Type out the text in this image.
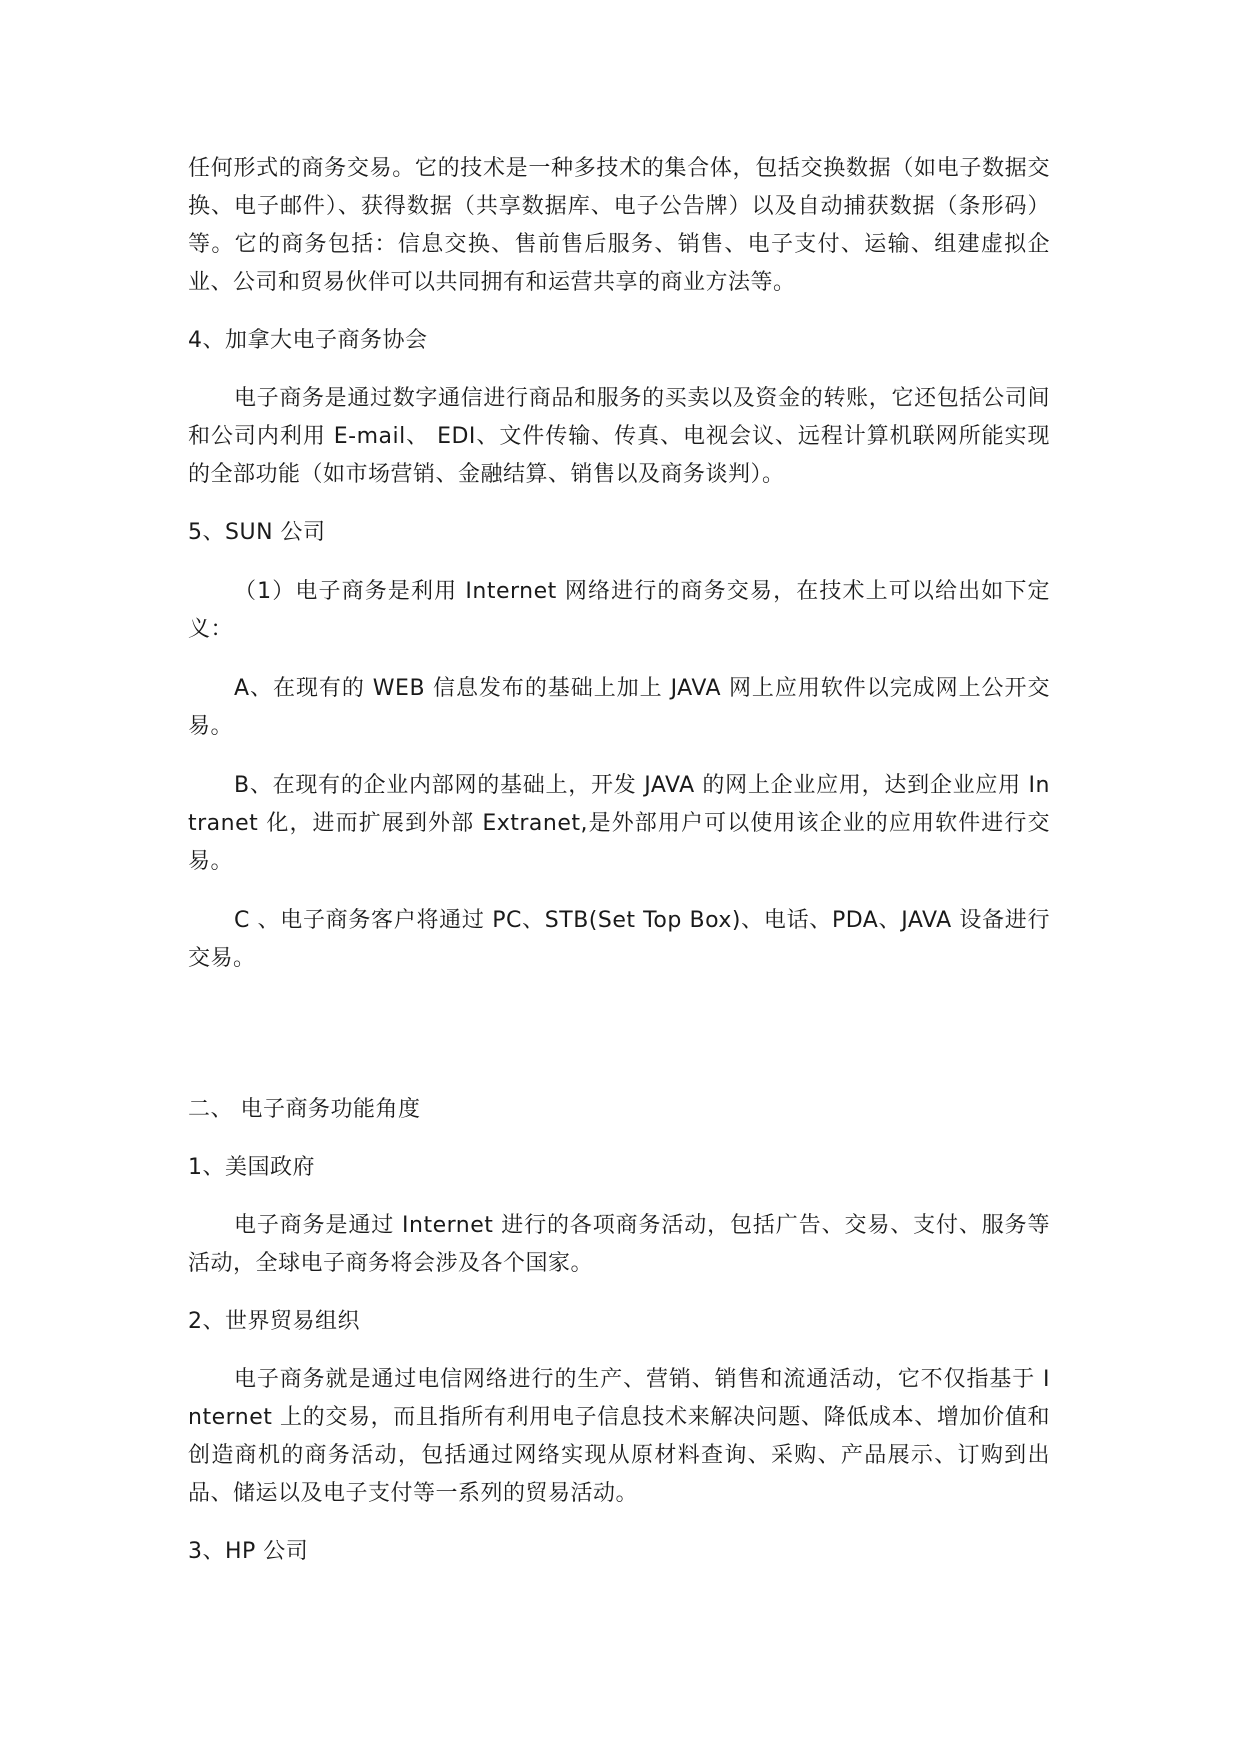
任何形式的商务交易。它的技术是一种多技术的集合体，包括交换数据（如电子数据交换、电子邮件）、获得数据（共享数据库、电子公告牌）以及自动捕获数据（条形码）等。它的商务包括：信息交换、售前售后服务、销售、电子支付、运输、组建虚拟企业、公司和贸易伙伴可以共同拥有和运营共享的商业方法等。

4、加拿大电子商务协会

电子商务是通过数字通信进行商品和服务的买卖以及资金的转账，它还包括公司间和公司内利用 E-mail、 EDI、文件传输、传真、电视会议、远程计算机联网所能实现的全部功能（如市场营销、金融结算、销售以及商务谈判）。

5、SUN 公司

（1）电子商务是利用 Internet 网络进行的商务交易，在技术上可以给出如下定义：

A、在现有的 WEB 信息发布的基础上加上 JAVA 网上应用软件以完成网上公开交易。

B、在现有的企业内部网的基础上，开发 JAVA 的网上企业应用，达到企业应用 Intranet 化，进而扩展到外部 Extranet,是外部用户可以使用该企业的应用软件进行交易。

C 、电子商务客户将通过 PC、STB(Set Top Box)、电话、PDA、JAVA 设备进行交易。

二、 电子商务功能角度

1、美国政府

电子商务是通过 Internet 进行的各项商务活动，包括广告、交易、支付、服务等活动，全球电子商务将会涉及各个国家。

2、世界贸易组织

电子商务就是通过电信网络进行的生产、营销、销售和流通活动，它不仅指基于 Internet 上的交易，而且指所有利用电子信息技术来解决问题、降低成本、增加价值和创造商机的商务活动，包括通过网络实现从原材料查询、采购、产品展示、订购到出品、储运以及电子支付等一系列的贸易活动。

3、HP 公司
